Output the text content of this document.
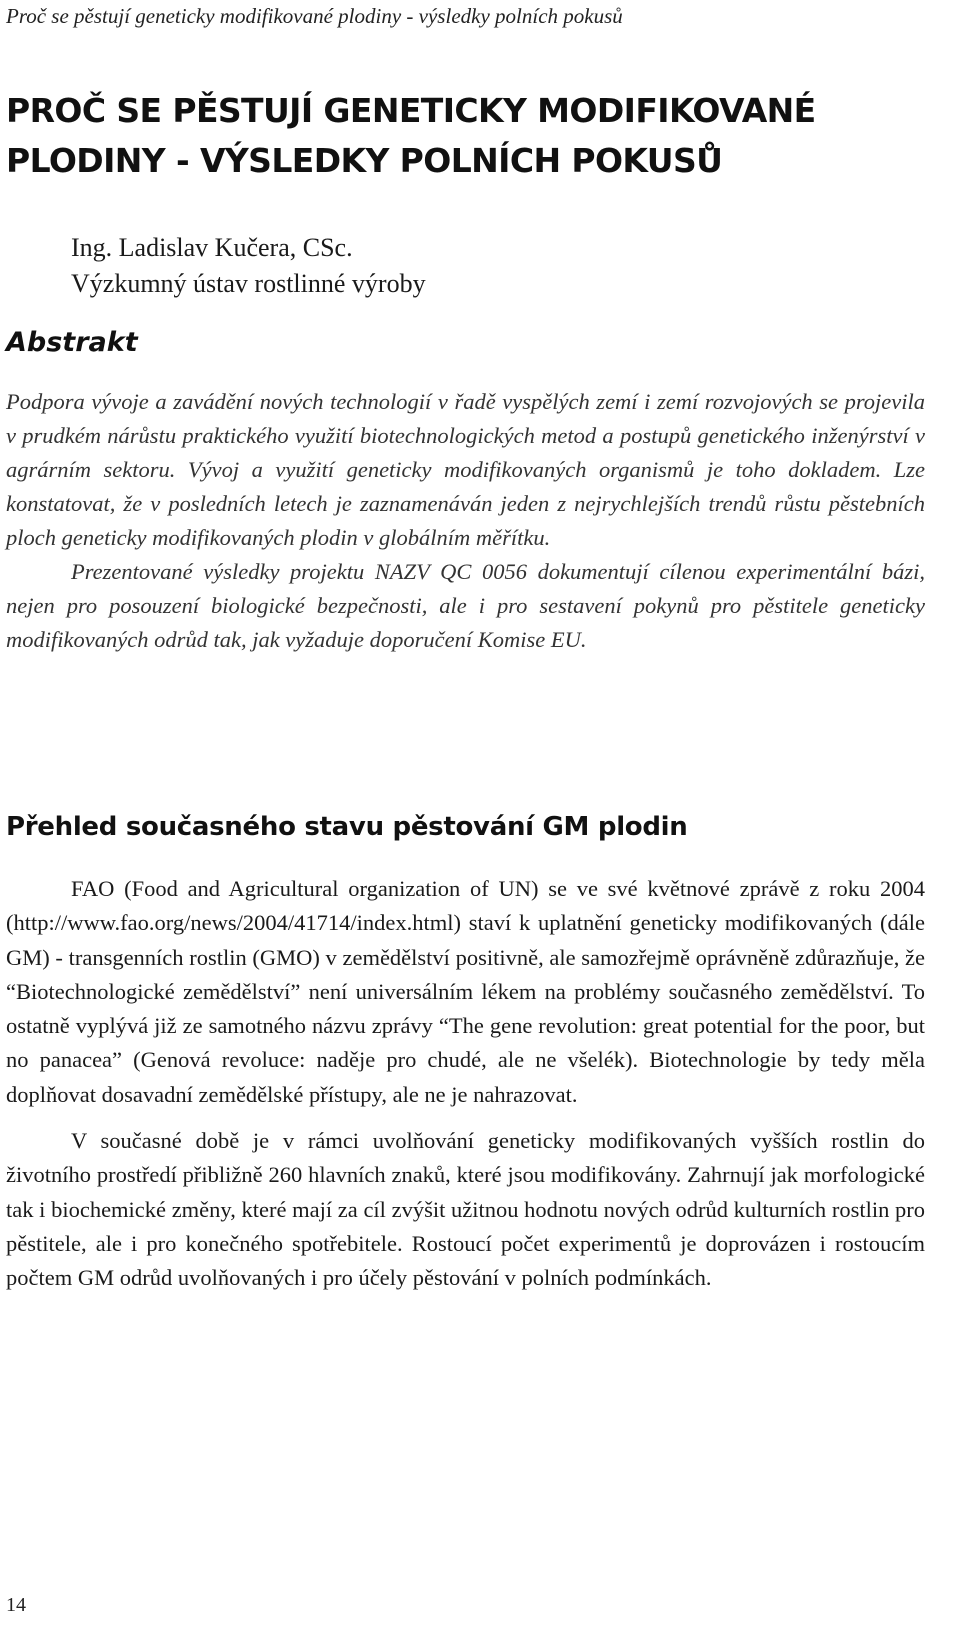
Proč se pěstují geneticky modifikované plodiny - výsledky polních pokusů
PROČ SE PĚSTUJÍ GENETICKY MODIFIKOVANÉ
PLODINY - VÝSLEDKY POLNÍCH POKUSŮ
Ing. Ladislav Kučera, CSc.
Výzkumný ústav rostlinné výroby
Abstrakt

Podpora vývoje a zavádění nových technologií v řadě vyspělých zemí i zemí rozvojových se projevila v prudkém nárůstu praktického využití biotechnologických metod a postupů genetického inženýrství v agrárním sektoru. Vývoj a využití geneticky modifikovaných organismů je toho dokladem. Lze konstatovat, že v posledních letech je zaznamenáván jeden z nejrychlejších trendů růstu pěstebních ploch geneticky modifikovaných plodin v globálním měřítku.

Prezentované výsledky projektu NAZV QC 0056 dokumentují cílenou experimentální bázi, nejen pro posouzení biologické bezpečnosti, ale i pro sestavení pokynů pro pěstitele geneticky modifikovaných odrůd tak, jak vyžaduje doporučení Komise EU.

Přehled současného stavu pěstování GM plodin

FAO (Food and Agricultural organization of UN) se ve své květnové zprávě z roku 2004 (http://www.fao.org/news/2004/41714/index.html) staví k uplatnění geneticky modifikovaných (dále GM) - transgenních rostlin (GMO) v zemědělství positivně, ale samozřejmě oprávněně zdůrazňuje, že “Biotechnologické zemědělství” není universálním lékem na problémy současného zemědělství. To ostatně vyplývá již ze samotného názvu zprávy “The gene revolution: great potential for the poor, but no panacea” (Genová revoluce: naděje pro chudé, ale ne všelék). Biotechnologie by tedy měla doplňovat dosavadní zemědělské přístupy, ale ne je nahrazovat.

V současné době je v rámci uvolňování geneticky modifikovaných vyšších rostlin do životního prostředí přibližně 260 hlavních znaků, které jsou modifikovány. Zahrnují jak morfologické tak i biochemické změny, které mají za cíl zvýšit užitnou hodnotu nových odrůd kulturních rostlin pro pěstitele, ale i pro konečného spotřebitele. Rostoucí počet experimentů je doprovázen i rostoucím počtem GM odrůd uvolňovaných i pro účely pěstování v polních podmínkách.

14
